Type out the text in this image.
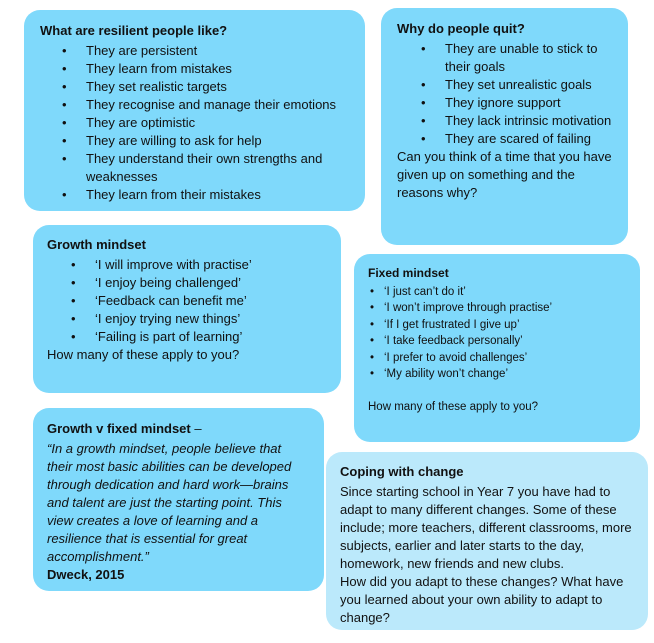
What are resilient people like?
• They are persistent
• They learn from mistakes
• They set realistic targets
• They recognise and manage their emotions
• They are optimistic
• They are willing to ask for help
• They understand their own strengths and weaknesses
• They learn from their mistakes
Why do people quit?
• They are unable to stick to their goals
• They set unrealistic goals
• They ignore support
• They lack intrinsic motivation
• They are scared of failing
Can you think of a time that you have given up on something and the reasons why?
Growth mindset
• ‘I will improve with practise’
• ‘I enjoy being challenged’
• ‘Feedback can benefit me’
• ‘I enjoy trying new things’
• ‘Failing is part of learning’
How many of these apply to you?
Fixed mindset
• ‘I just can’t do it’
• ‘I won’t improve through practise’
• ‘If I get frustrated I give up’
• ‘I take feedback personally’
• ‘I prefer to avoid challenges’
• ‘My ability won’t change’
How many of these apply to you?
Growth v fixed mindset –
“In a growth mindset, people believe that their most basic abilities can be developed through dedication and hard work—brains and talent are just the starting point. This view creates a love of learning and a resilience that is essential for great accomplishment.”
Dweck, 2015
Coping with change
Since starting school in Year 7 you have had to adapt to many different changes. Some of these include; more teachers, different classrooms, more subjects, earlier and later starts to the day, homework, new friends and new clubs.
How did you adapt to these changes? What have you learned about your own ability to adapt to change?
